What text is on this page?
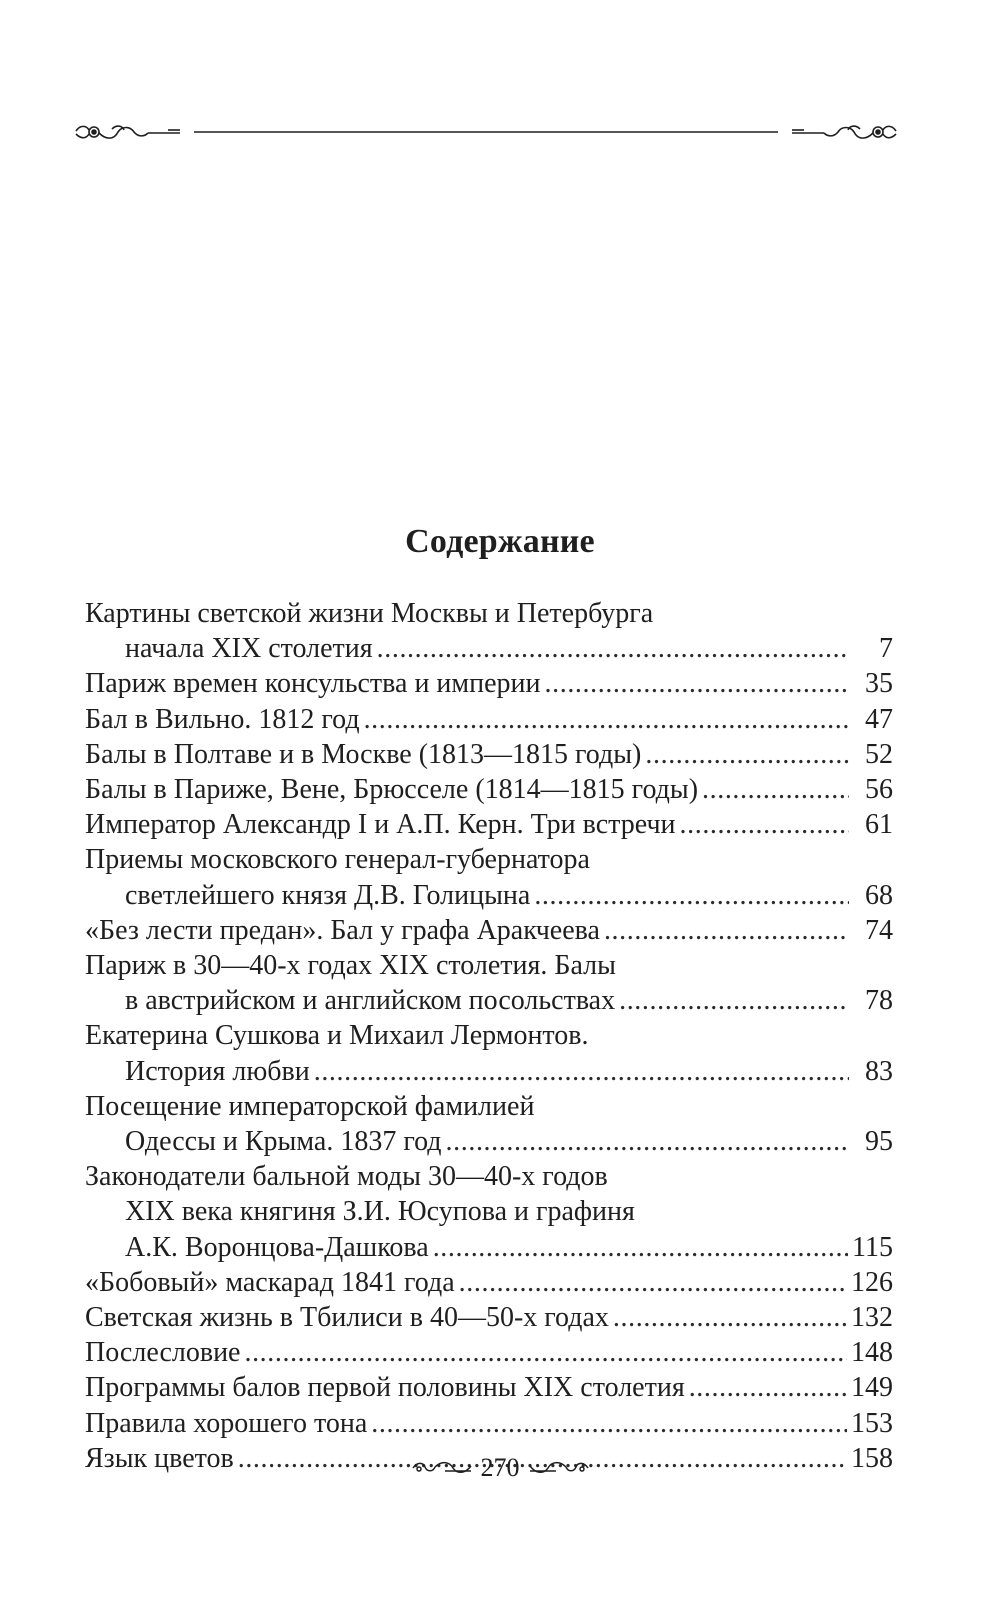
Содержание
Картины светской жизни Москвы и Петербурга
начала XIX столетия . . .	7
Париж времен консульства и империи . . .	35
Бал в Вильно. 1812 год . . .	47
Балы в Полтаве и в Москве (1813—1815 годы) . . .	52
Балы в Париже, Вене, Брюсселе (1814—1815 годы) . . .	56
Император Александр I и А.П. Керн. Три встречи . . .	61
Приемы московского генерал-губернатора
светлейшего князя Д.В. Голицына . . .	68
«Без лести предан». Бал у графа Аракчеева . . .	74
Париж в 30—40-х годах XIX столетия. Балы
в австрийском и английском посольствах . . .	78
Екатерина Сушкова и Михаил Лермонтов.
История любви . . .	83
Посещение императорской фамилией
Одессы и Крыма. 1837 год . . .	95
Законодатели бальной моды 30—40-х годов
XIX века княгиня З.И. Юсупова и графиня
А.К. Воронцова-Дашкова . . .	115
«Бобовый» маскарад 1841 года . . .	126
Светская жизнь в Тбилиси в 40—50-х годах . . .	132
Послесловие . . .	148
Программы балов первой половины XIX столетия . . .	149
Правила хорошего тона . . .	153
Язык цветов . . .	158
270
